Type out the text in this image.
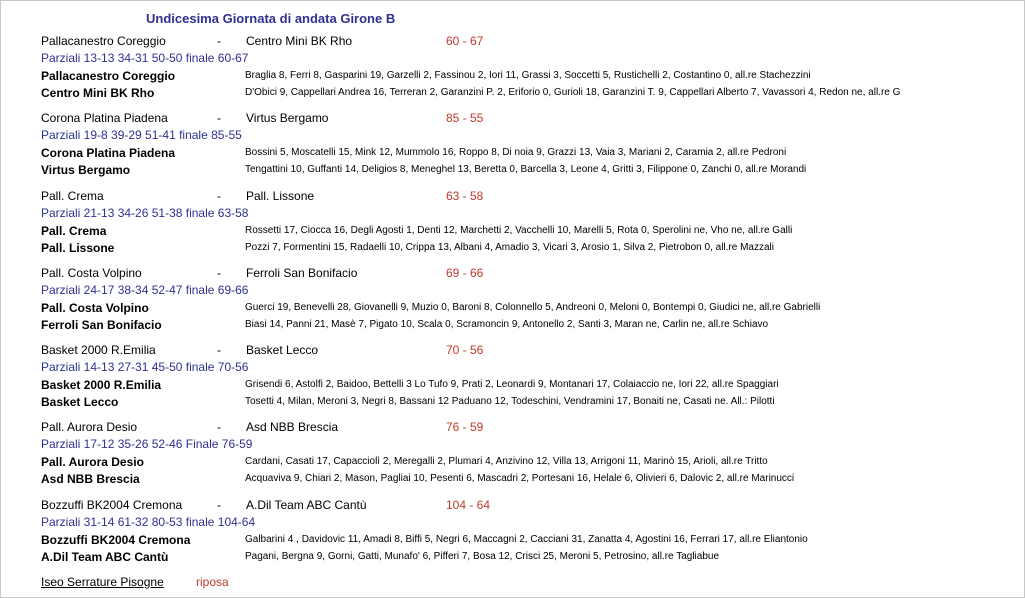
Undicesima Giornata di andata Girone B
Pallacanestro Coreggio	- Centro Mini BK Rho	60 - 67
Parziali 13-13 34-31 50-50 finale 60-67
Pallacanestro Coreggio	Braglia 8, Ferri 8, Gasparini 19, Garzelli 2, Fassinou 2, Iori 11, Grassi 3, Soccetti 5, Rustichelli 2, Costantino 0, all.re Stachezzini
Centro Mini BK Rho	D'Obici 9, Cappellari Andrea 16, Terreran 2, Garanzini P. 2, Eriforio 0, Gurioli 18, Garanzini T. 9, Cappellari Alberto 7, Vavassori 4, Redon ne, all.re G
Corona Platina Piadena	- Virtus Bergamo	85 - 55
Parziali 19-8 39-29 51-41 finale 85-55
Corona Platina Piadena	Bossini 5, Moscatelli 15, Mink 12, Mummolo 16, Roppo 8, Di noia 9, Grazzi 13, Vaia 3, Mariani 2, Caramia 2, all.re Pedroni
Virtus Bergamo	Tengattini 10, Guffanti 14, Deligios 8, Meneghel 13, Beretta 0, Barcella 3, Leone 4, Gritti 3, Filippone 0, Zanchi 0, all.re Morandi
Pall. Crema	- Pall. Lissone	63 - 58
Parziali 21-13 34-26 51-38 finale 63-58
Pall. Crema	Rossetti 17, Ciocca 16, Degli Agosti 1, Denti 12, Marchetti 2, Vacchelli 10, Marelli 5, Rota 0, Sperolini ne, Vho ne, all.re Galli
Pall. Lissone	Pozzi 7, Formentini 15, Radaelli 10, Crippa 13, Albani 4, Amadio 3, Vicari 3, Arosio 1, Silva 2, Pietrobon 0, all.re Mazzali
Pall. Costa Volpino	- Ferroli San Bonifacio	69 - 66
Parziali 24-17 38-34 52-47 finale 69-66
Pall. Costa Volpino	Guerci 19, Benevelli 28, Giovanelli 9, Muzio 0, Baroni 8, Colonnello 5, Andreoni 0, Meloni 0, Bontempi 0, Giudici ne, all.re Gabrielli
Ferroli San Bonifacio	Biasi 14, Panni 21, Masè 7, Pigato 10, Scala 0, Scramoncin 9, Antonello 2, Santi 3, Maran ne, Carlin ne, all.re Schiavo
Basket 2000 R.Emilia	- Basket Lecco	70 - 56
Parziali 14-13 27-31 45-50 finale 70-56
Basket 2000 R.Emilia	Grisendi 6, Astolfi 2, Baidoo, Bettelli 3 Lo Tufo 9, Prati 2, Leonardi 9, Montanari 17, Colaiaccio ne, Iori 22, all.re Spaggiari
Basket Lecco	Tosetti 4, Milan, Meroni 3, Negri 8, Bassani 12 Paduano 12, Todeschini, Vendramini 17, Bonaiti ne, Casati ne. All.: Pilotti
Pall. Aurora Desio	- Asd NBB Brescia	76 - 59
Parziali 17-12 35-26 52-46 Finale 76-59
Pall. Aurora Desio	Cardani, Casati 17, Capacciolì 2, Meregalli 2, Plumari 4, Anzivino 12, Villa 13, Arrigoni 11, Marinò 15, Arioli, all.re Tritto
Asd NBB Brescia	Acquaviva 9, Chiari 2, Mason, Pagliai 10, Pesenti 6, Mascadri 2, Portesani 16, Helale 6, Olivieri 6, Dalovic 2, all.re Marinucci
Bozzuffi BK2004 Cremona	- A.Dil Team ABC Cantù	104 - 64
Parziali 31-14 61-32 80-53 finale 104-64
Bozzuffi BK2004 Cremona	Galbarini 4 , Davidovic 11, Amadi 8, Biffi 5, Negri 6, Maccagni 2, Cacciani 31, Zanatta 4, Agostini 16, Ferrari 17, all.re Eliantonio
A.Dil Team ABC Cantù	Pagani, Bergna 9, Gorni, Gatti, Munafo' 6, Pifferi 7, Bosa 12, Crisci 25, Meroni 5, Petrosino, all.re Tagliabue
Iseo Serrature Pisogne	riposa
